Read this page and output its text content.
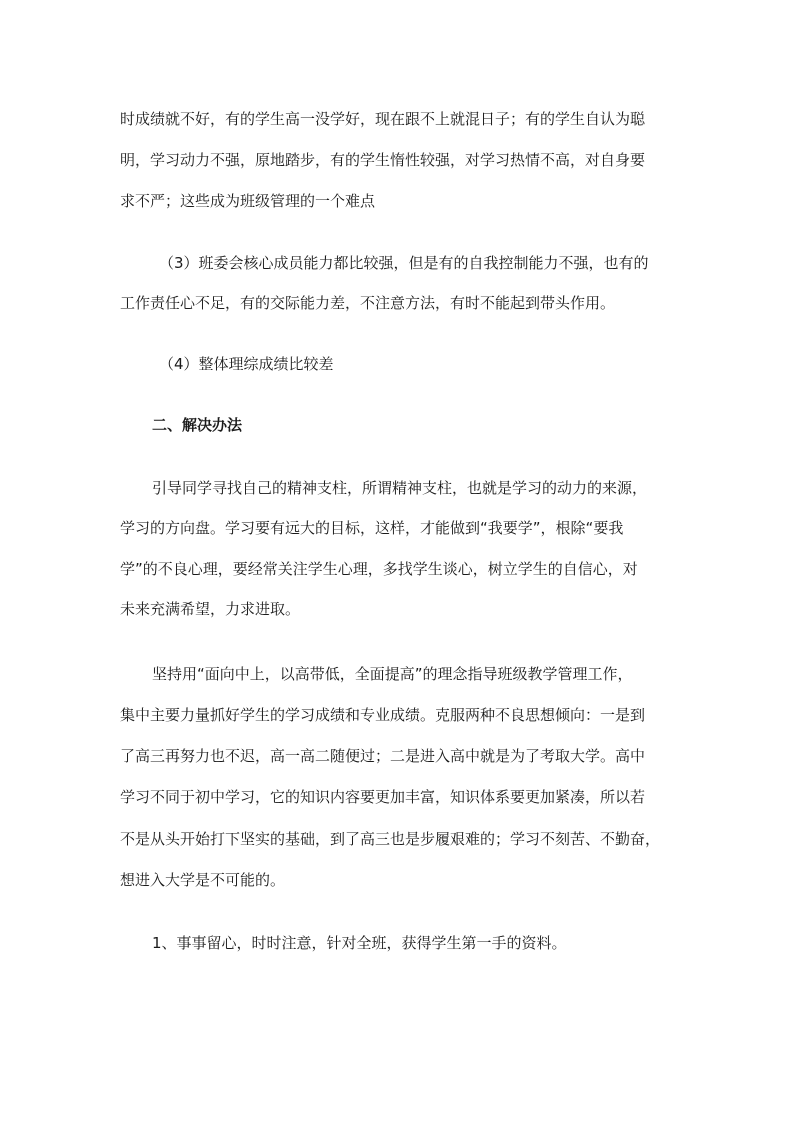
时成绩就不好，有的学生高一没学好，现在跟不上就混日子；有的学生自认为聪
明，学习动力不强，原地踏步，有的学生惰性较强，对学习热情不高，对自身要
求不严；这些成为班级管理的一个难点
（3）班委会核心成员能力都比较强，但是有的自我控制能力不强，也有的
工作责任心不足，有的交际能力差，不注意方法，有时不能起到带头作用。
（4）整体理综成绩比较差
二、解决办法
引导同学寻找自己的精神支柱，所谓精神支柱，也就是学习的动力的来源，
学习的方向盘。学习要有远大的目标，这样，才能做到“我要学”，根除“要我
学”的不良心理，要经常关注学生心理，多找学生谈心，树立学生的自信心，对
未来充满希望，力求进取。
坚持用“面向中上，以高带低，全面提高”的理念指导班级教学管理工作，
集中主要力量抓好学生的学习成绩和专业成绩。克服两种不良思想倾向：一是到
了高三再努力也不迟，高一高二随便过；二是进入高中就是为了考取大学。高中
学习不同于初中学习，它的知识内容要更加丰富，知识体系要更加紧凑，所以若
不是从头开始打下坚实的基础，到了高三也是步履艰难的；学习不刻苦、不勤奋，
想进入大学是不可能的。
1、事事留心，时时注意，针对全班，获得学生第一手的资料。
